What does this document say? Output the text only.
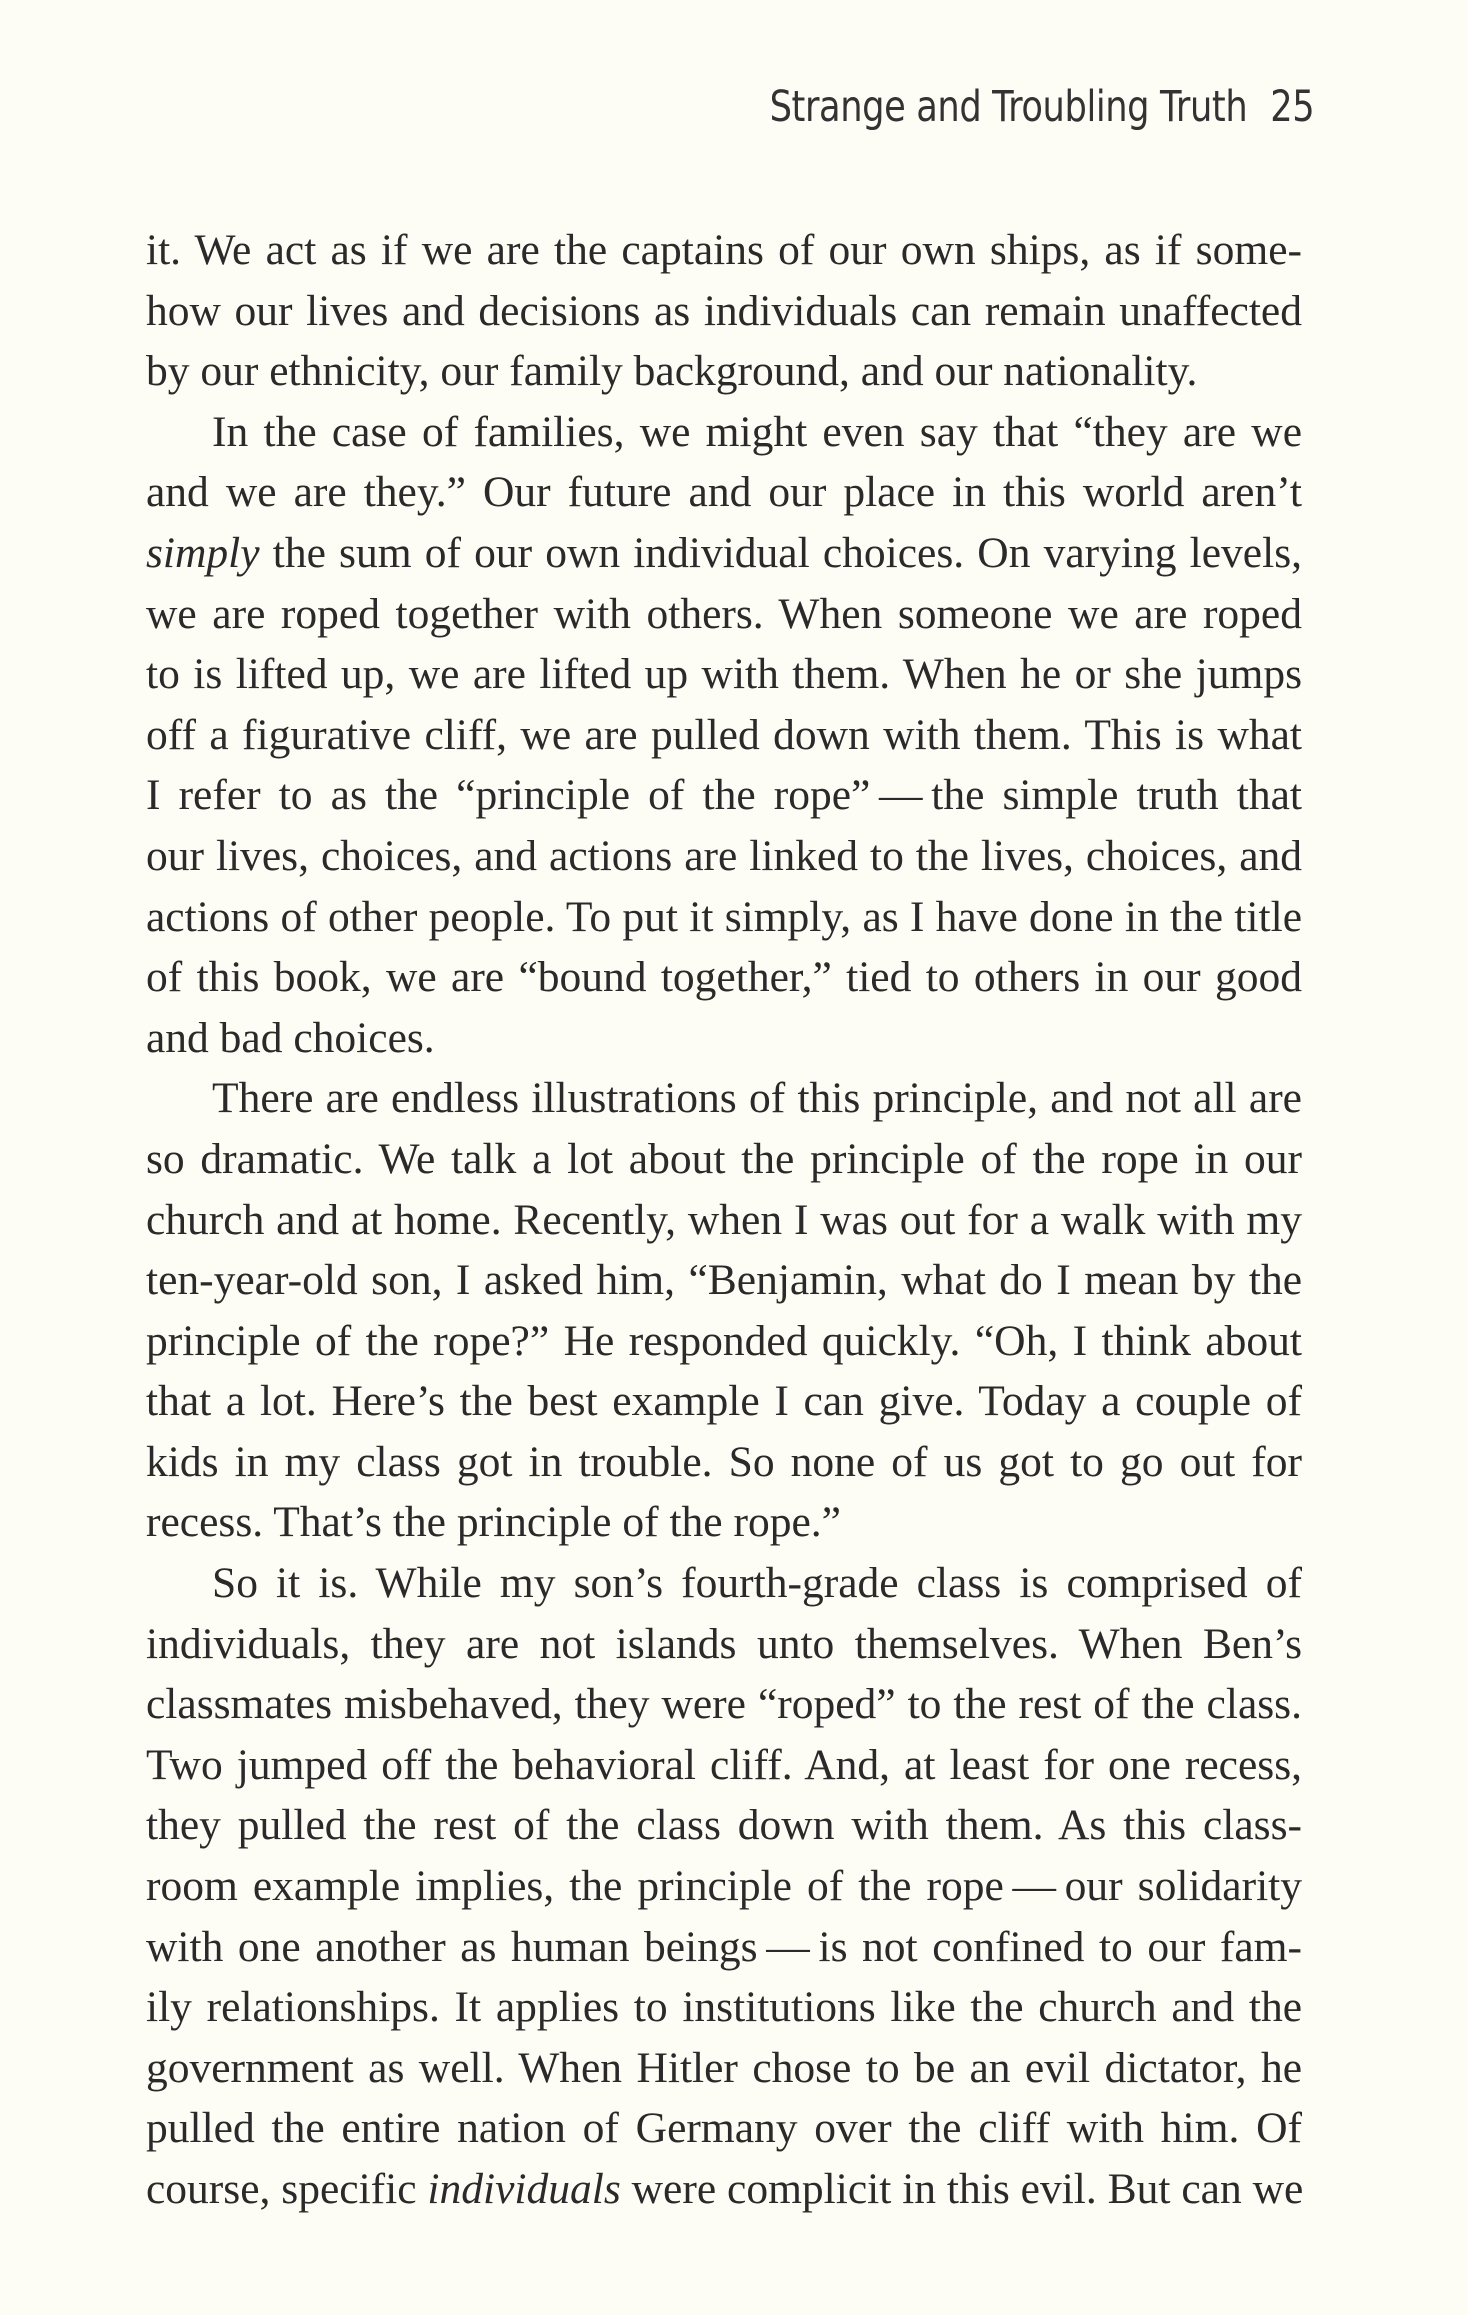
Strange and Troubling Truth 25
it. We act as if we are the captains of our own ships, as if some-
how our lives and decisions as individuals can remain unaffected
by our ethnicity, our family background, and our nationality.
In the case of families, we might even say that “they are we
and we are they.” Our future and our place in this world aren’t
simply the sum of our own individual choices. On varying levels,
we are roped together with others. When someone we are roped
to is lifted up, we are lifted up with them. When he or she jumps
off a figurative cliff, we are pulled down with them. This is what
I refer to as the “principle of the rope” — the simple truth that
our lives, choices, and actions are linked to the lives, choices, and
actions of other people. To put it simply, as I have done in the title
of this book, we are “bound together,” tied to others in our good
and bad choices.
There are endless illustrations of this principle, and not all are
so dramatic. We talk a lot about the principle of the rope in our
church and at home. Recently, when I was out for a walk with my
ten-year-old son, I asked him, “Benjamin, what do I mean by the
principle of the rope?” He responded quickly. “Oh, I think about
that a lot. Here’s the best example I can give. Today a couple of
kids in my class got in trouble. So none of us got to go out for
recess. That’s the principle of the rope.”
So it is. While my son’s fourth-grade class is comprised of
individuals, they are not islands unto themselves. When Ben’s
classmates misbehaved, they were “roped” to the rest of the class.
Two jumped off the behavioral cliff. And, at least for one recess,
they pulled the rest of the class down with them. As this class-
room example implies, the principle of the rope — our solidarity
with one another as human beings — is not confined to our fam-
ily relationships. It applies to institutions like the church and the
government as well. When Hitler chose to be an evil dictator, he
pulled the entire nation of Germany over the cliff with him. Of
course, specific individuals were complicit in this evil. But can we
